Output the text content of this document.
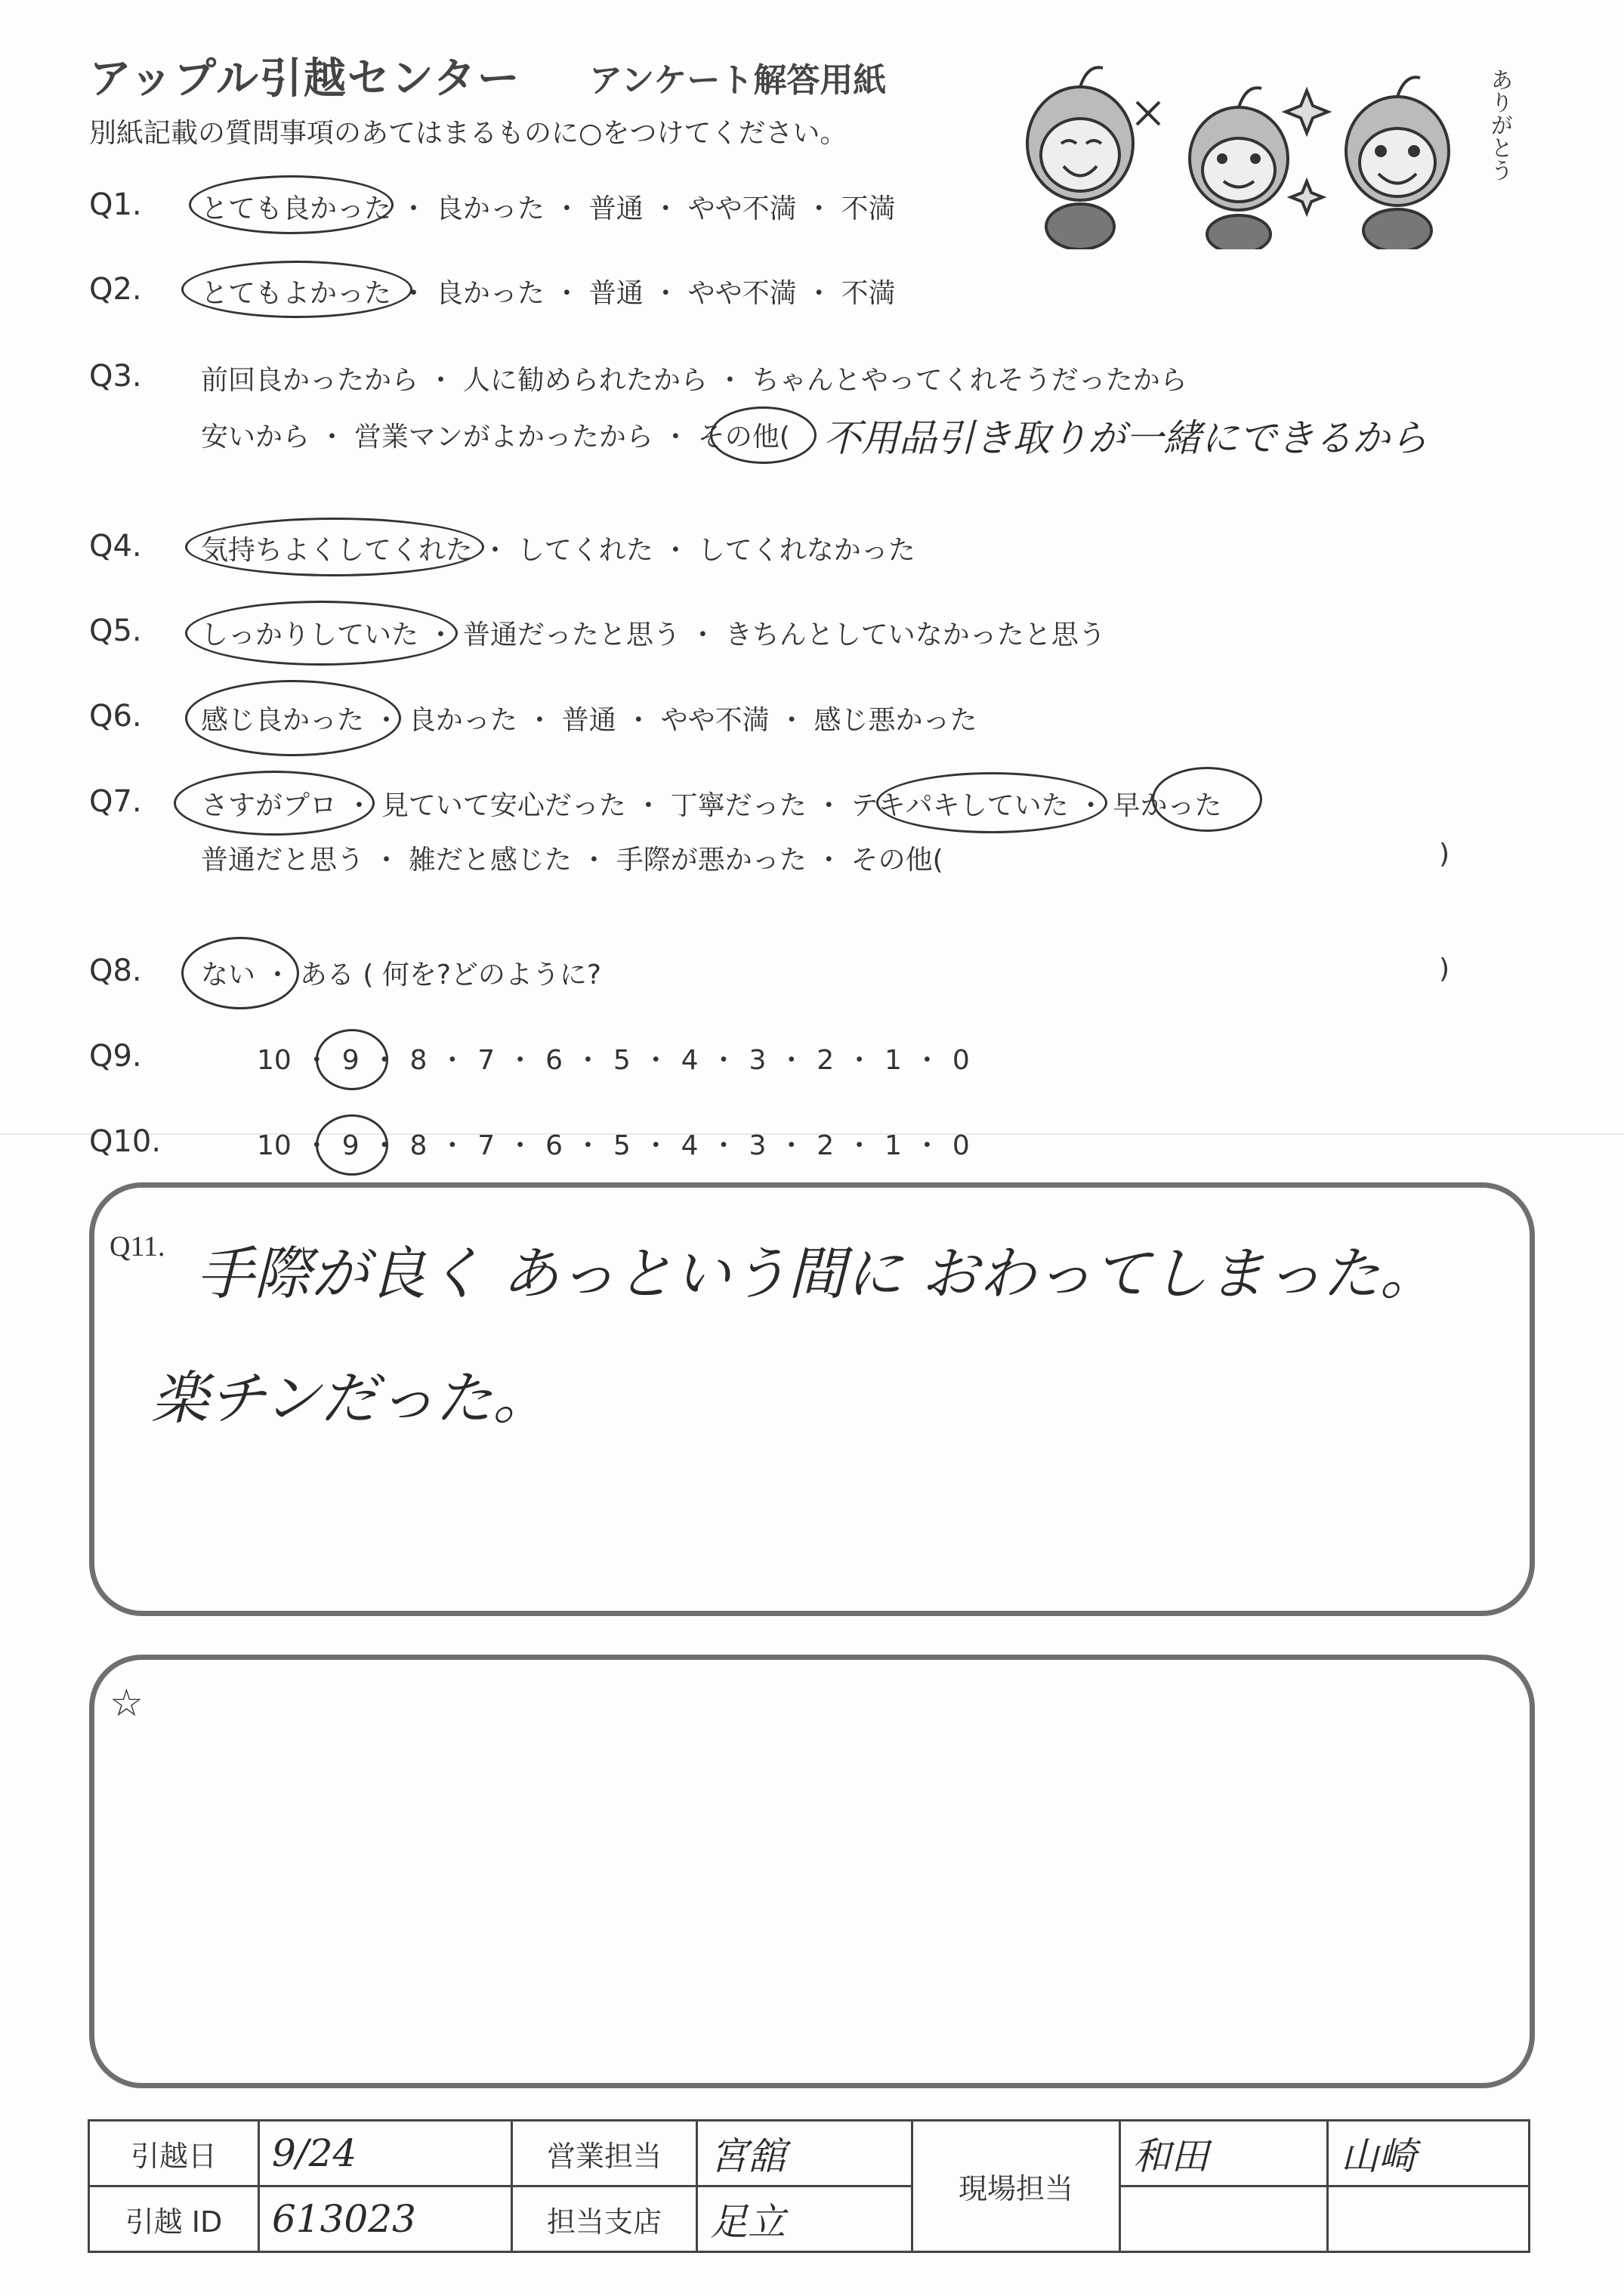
アップル引越センター アンケート解答用紙
別紙記載の質問事項のあてはまるものに○をつけてください。	ありがとう
Q1. とても良かった ・ 良かった ・ 普通 ・ やや不満 ・ 不満
Q2. とてもよかった ・ 良かった ・ 普通 ・ やや不満 ・ 不満
Q3. 前回良かったから ・ 人に勧められたから ・ ちゃんとやってくれそうだったから
安いから ・ 営業マンがよかったから ・ その他( 不用品引き取りが一緒にできるから
Q4. 気持ちよくしてくれた ・ してくれた ・ してくれなかった
Q5. しっかりしていた ・ 普通だったと思う ・ きちんとしていなかったと思う
Q6. 感じ良かった ・ 良かった ・ 普通 ・ やや不満 ・ 感じ悪かった
Q7. さすがプロ ・ 見ていて安心だった ・ 丁寧だった ・ テキパキしていた ・ 早かった
普通だと思う ・ 雑だと感じた ・ 手際が悪かった ・ その他(	)
Q8. ない ・ ある ( 何を?どのように?	)
Q9.	10 ・ 9 ・ 8 ・ 7 ・ 6 ・ 5 ・ 4 ・ 3 ・ 2 ・ 1 ・ 0
Q10.	10 ・ 9 ・ 8 ・ 7 ・ 6 ・ 5 ・ 4 ・ 3 ・ 2 ・ 1 ・ 0
Q11. 手際が良く あっという間に おわってしまった。
楽チンだった。
☆
引越日	9/24	営業担当	宮舘	現場担当	和田	山崎
引越 ID	613023	担当支店	足立			
